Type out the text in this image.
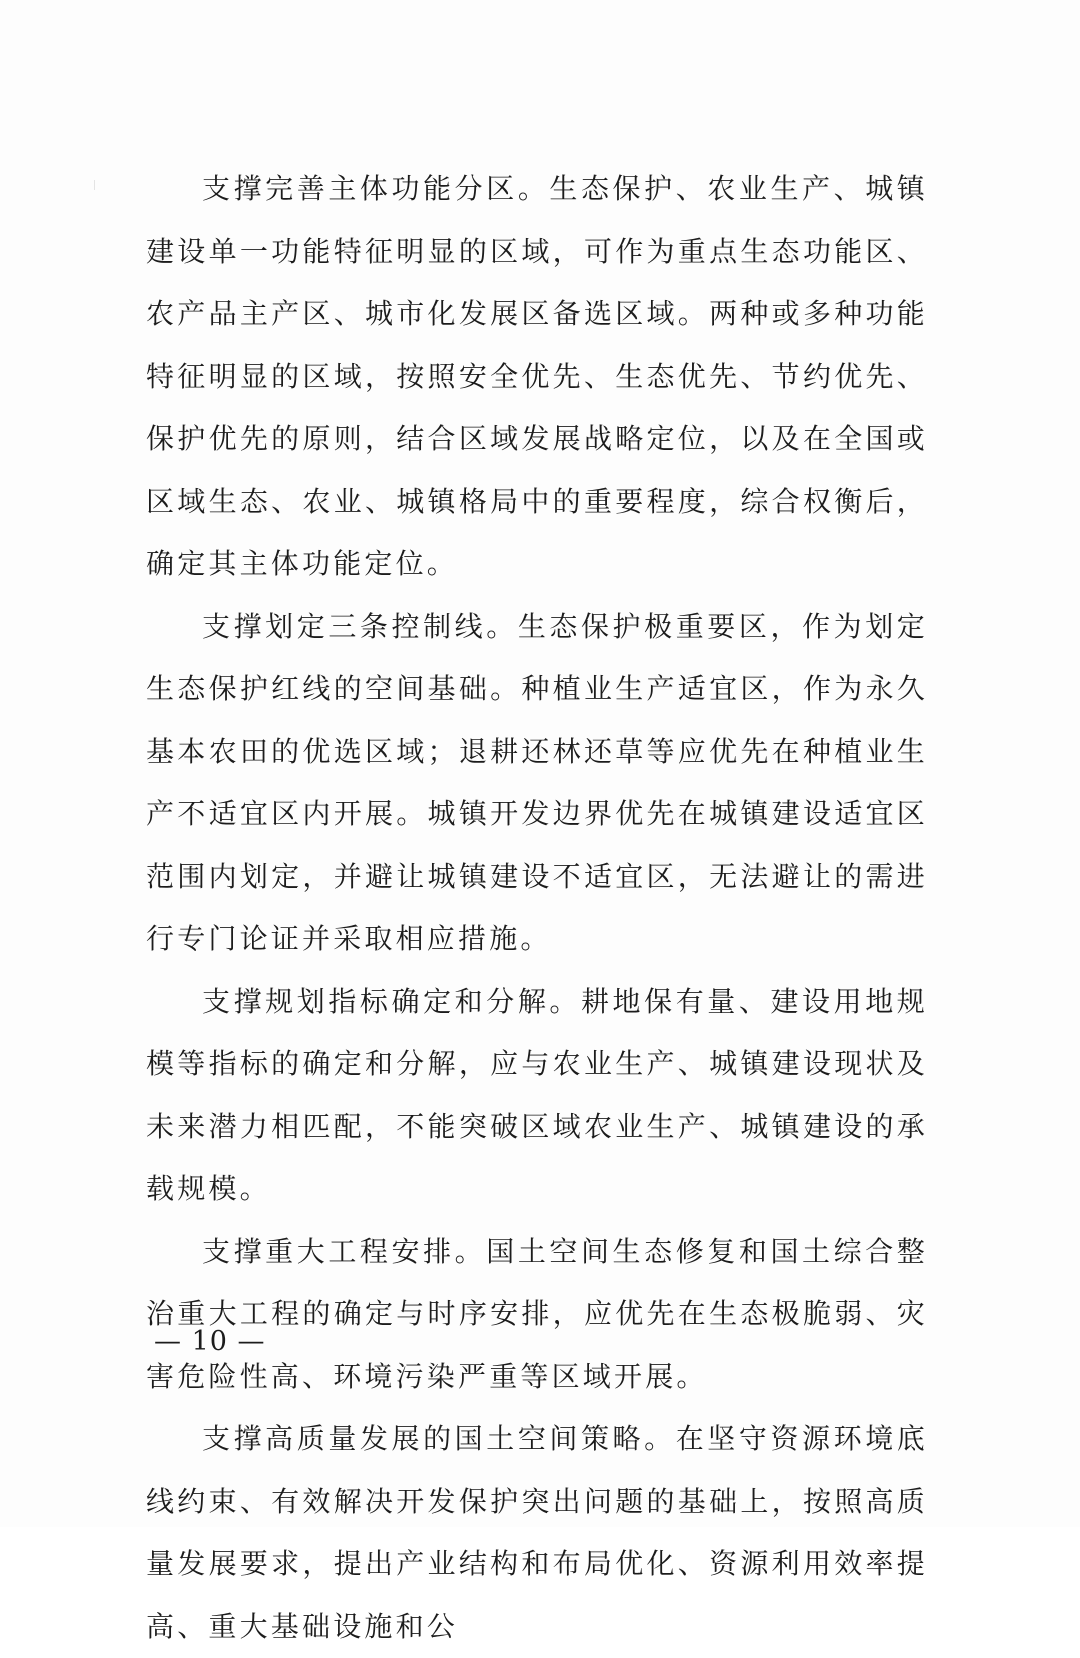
支撑完善主体功能分区。生态保护、农业生产、城镇建设单一功能特征明显的区域，可作为重点生态功能区、农产品主产区、城市化发展区备选区域。两种或多种功能特征明显的区域，按照安全优先、生态优先、节约优先、保护优先的原则，结合区域发展战略定位，以及在全国或区域生态、农业、城镇格局中的重要程度，综合权衡后，确定其主体功能定位。

支撑划定三条控制线。生态保护极重要区，作为划定生态保护红线的空间基础。种植业生产适宜区，作为永久基本农田的优选区域；退耕还林还草等应优先在种植业生产不适宜区内开展。城镇开发边界优先在城镇建设适宜区范围内划定，并避让城镇建设不适宜区，无法避让的需进行专门论证并采取相应措施。

支撑规划指标确定和分解。耕地保有量、建设用地规模等指标的确定和分解，应与农业生产、城镇建设现状及未来潜力相匹配，不能突破区域农业生产、城镇建设的承载规模。

支撑重大工程安排。国土空间生态修复和国土综合整治重大工程的确定与时序安排，应优先在生态极脆弱、灾害危险性高、环境污染严重等区域开展。

支撑高质量发展的国土空间策略。在坚守资源环境底线约束、有效解决开发保护突出问题的基础上，按照高质量发展要求，提出产业结构和布局优化、资源利用效率提高、重大基础设施和公

— 10 —
